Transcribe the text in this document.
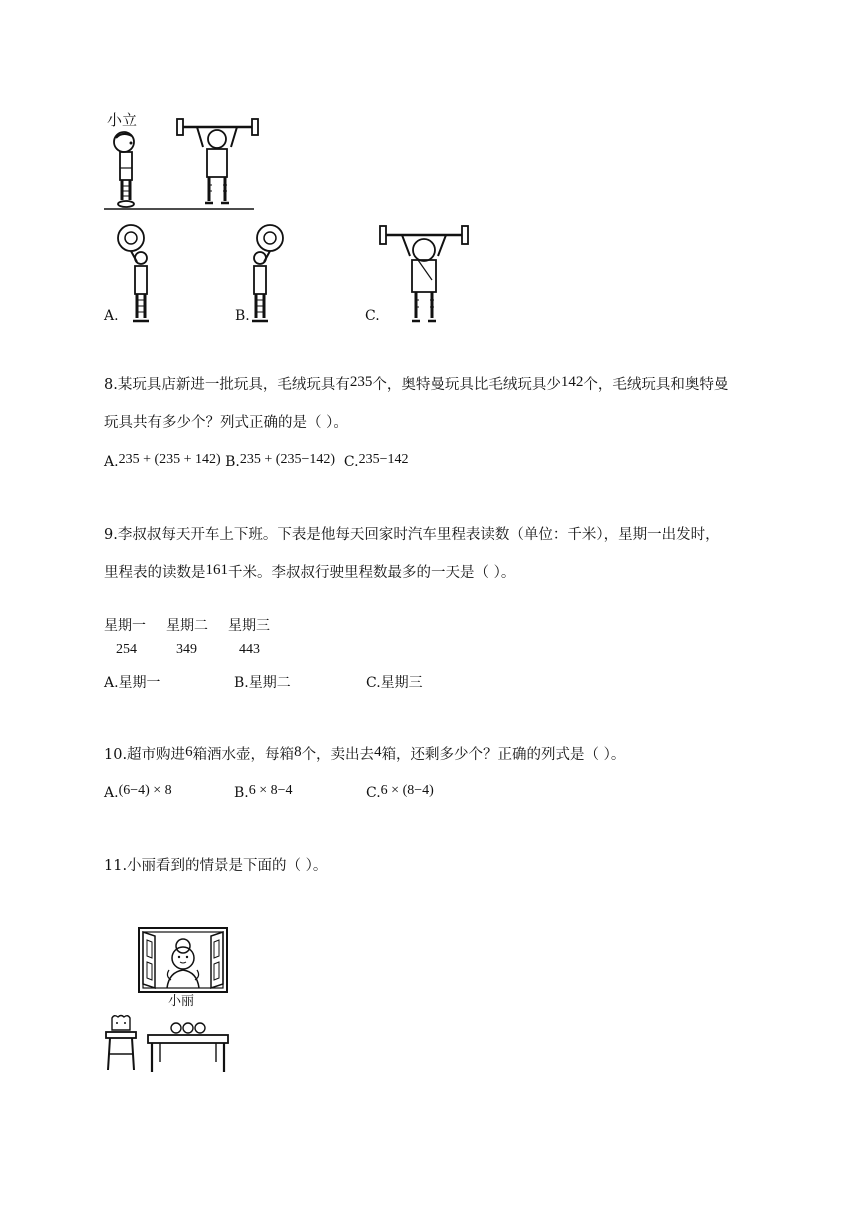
小立
A.	B.	C.
8.某玩具店新进一批玩具，毛绒玩具有235个，奥特曼玩具比毛绒玩具少142个，毛绒玩具和奥特曼
玩具共有多少个？列式正确的是（ ）。
A.235 + (235 + 142) B.235 + (235−142) C.235−142
9.李叔叔每天开车上下班。下表是他每天回家时汽车里程表读数（单位：千米），星期一出发时，
里程表的读数是161千米。李叔叔行驶里程数最多的一天是（ ）。
星期一 星期二 星期三
254	349	443
A.星期一	B.星期二	C.星期三
10.超市购进6箱酒水壶，每箱8个，卖出去4箱，还剩多少个？正确的列式是（ ）。
A.(6−4) × 8	B.6 × 8−4	C.6 × (8−4)
11.小丽看到的情景是下面的（ ）。
小丽
